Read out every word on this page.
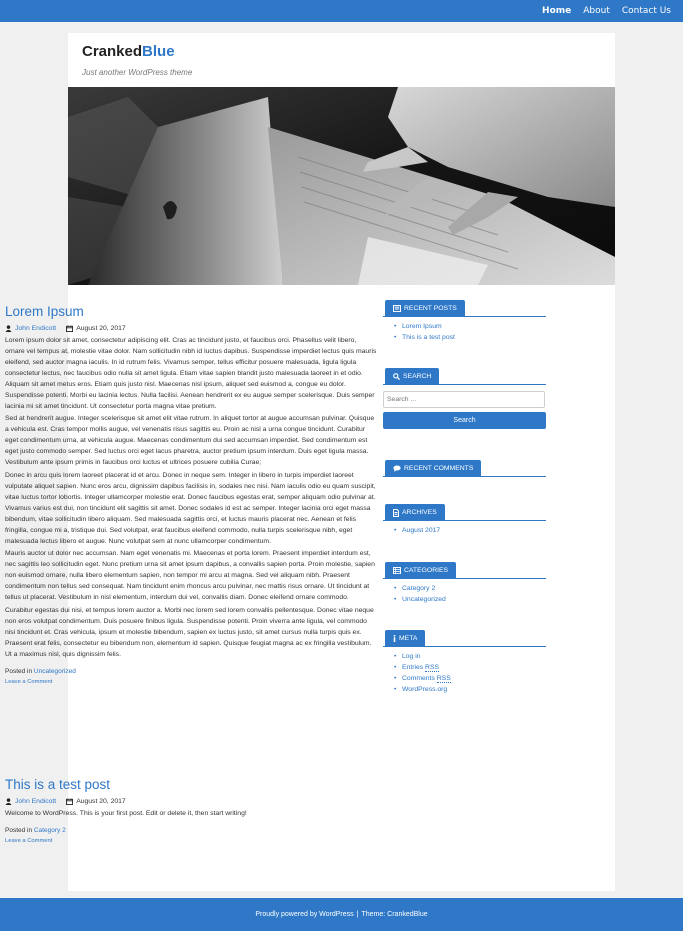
Home About Contact Us
CrankedBlue
Just another WordPress theme
Lorem Ipsum
John Endicott	August 20, 2017

Lorem ipsum dolor sit amet, consectetur adipiscing elit. Cras ac tincidunt justo, et faucibus orci. Phasellus velit libero, ornare vel tempus at, molestie vitae dolor. Nam sollicitudin nibh id luctus dapibus. Suspendisse imperdiet lectus quis mauris eleifend, sed auctor magna iaculis. In id rutrum felis. Vivamus semper, tellus efficitur posuere malesuada, ligula ligula consectetur lectus, nec faucibus odio nulla sit amet ligula. Etiam vitae sapien blandit justo malesuada laoreet in et odio. Aliquam sit amet metus eros. Etiam quis justo nisl. Maecenas nisl ipsum, aliquet sed euismod a, congue eu dolor. Suspendisse potenti. Morbi eu lacinia lectus. Nulla facilisi. Aenean hendrerit ex eu augue semper scelerisque. Duis semper lacinia mi sit amet tincidunt. Ut consectetur porta magna vitae pretium.

Sed at hendrerit augue. Integer scelerisque sit amet elit vitae rutrum. In aliquet tortor at augue accumsan pulvinar. Quisque a vehicula est. Cras tempor mollis augue, vel venenatis risus sagittis eu. Proin ac nisl a urna congue tincidunt. Curabitur eget condimentum urna, at vehicula augue. Maecenas condimentum dui sed accumsan imperdiet. Sed condimentum est eget justo commodo semper. Sed luctus orci eget lacus pharetra, auctor pretium ipsum interdum. Duis eget ligula massa. Vestibulum ante ipsum primis in faucibus orci luctus et ultrices posuere cubilia Curae;

Donec in arcu quis lorem laoreet placerat id et arcu. Donec in neque sem. Integer in libero in turpis imperdiet laoreet vulputate aliquet sapien. Nunc eros arcu, dignissim dapibus facilisis in, sodales nec nisi. Nam iaculis odio eu quam suscipit, vitae luctus tortor lobortis. Integer ullamcorper molestie erat. Donec faucibus egestas erat, semper aliquam odio pulvinar at. Vivamus varius est dui, non tincidunt elit sagittis sit amet. Donec sodales id est ac semper. Integer lacinia orci eget massa bibendum, vitae sollicitudin libero aliquam. Sed malesuada sagittis orci, et luctus mauris placerat nec. Aenean et felis fringilla, congue mi a, tristique dui. Sed volutpat, erat faucibus eleifend commodo, nulla turpis scelerisque nibh, eget malesuada lectus libero et augue. Nunc volutpat sem at nunc ullamcorper condimentum.

Mauris auctor ut dolor nec accumsan. Nam eget venenatis mi. Maecenas et porta lorem. Praesent imperdiet interdum est, nec sagittis leo sollicitudin eget. Nunc pretium urna sit amet ipsum dapibus, a convallis sapien porta. Proin molestie, sapien non euismod ornare, nulla libero elementum sapien, non tempor mi arcu at magna. Sed vel aliquam nibh. Praesent condimentum non tellus sed consequat. Nam tincidunt enim rhoncus arcu pulvinar, nec mattis risus ornare. Ut tincidunt at tellus ut placerat. Vestibulum in nisl elementum, interdum dui vel, convallis diam. Donec eleifend ornare commodo.

Curabitur egestas dui nisi, et tempus lorem auctor a. Morbi nec lorem sed lorem convallis pellentesque. Donec vitae neque non eros volutpat condimentum. Duis posuere finibus ligula. Suspendisse potenti. Proin viverra ante ligula, vel commodo nisi tincidunt et. Cras vehicula, ipsum et molestie bibendum, sapien ex luctus justo, sit amet cursus nulla turpis quis ex. Praesent erat felis, consectetur eu bibendum non, elementum id sapien. Quisque feugiat magna ac ex fringilla vestibulum. Ut a maximus nisl, quis dignissim felis.

Posted in Uncategorized
Leave a Comment
This is a test post
John Endicott	August 20, 2017

Welcome to WordPress. This is your first post. Edit or delete it, then start writing!

Posted in Category 2
Leave a Comment
RECENT POSTS
• Lorem Ipsum
• This is a test post
SEARCH
Search ...
Search
RECENT COMMENTS
ARCHIVES
• August 2017
CATEGORIES
• Category 2
• Uncategorized
META
• Log in
• Entries RSS
• Comments RSS
• WordPress.org
Proudly powered by WordPress | Theme: CrankedBlue
